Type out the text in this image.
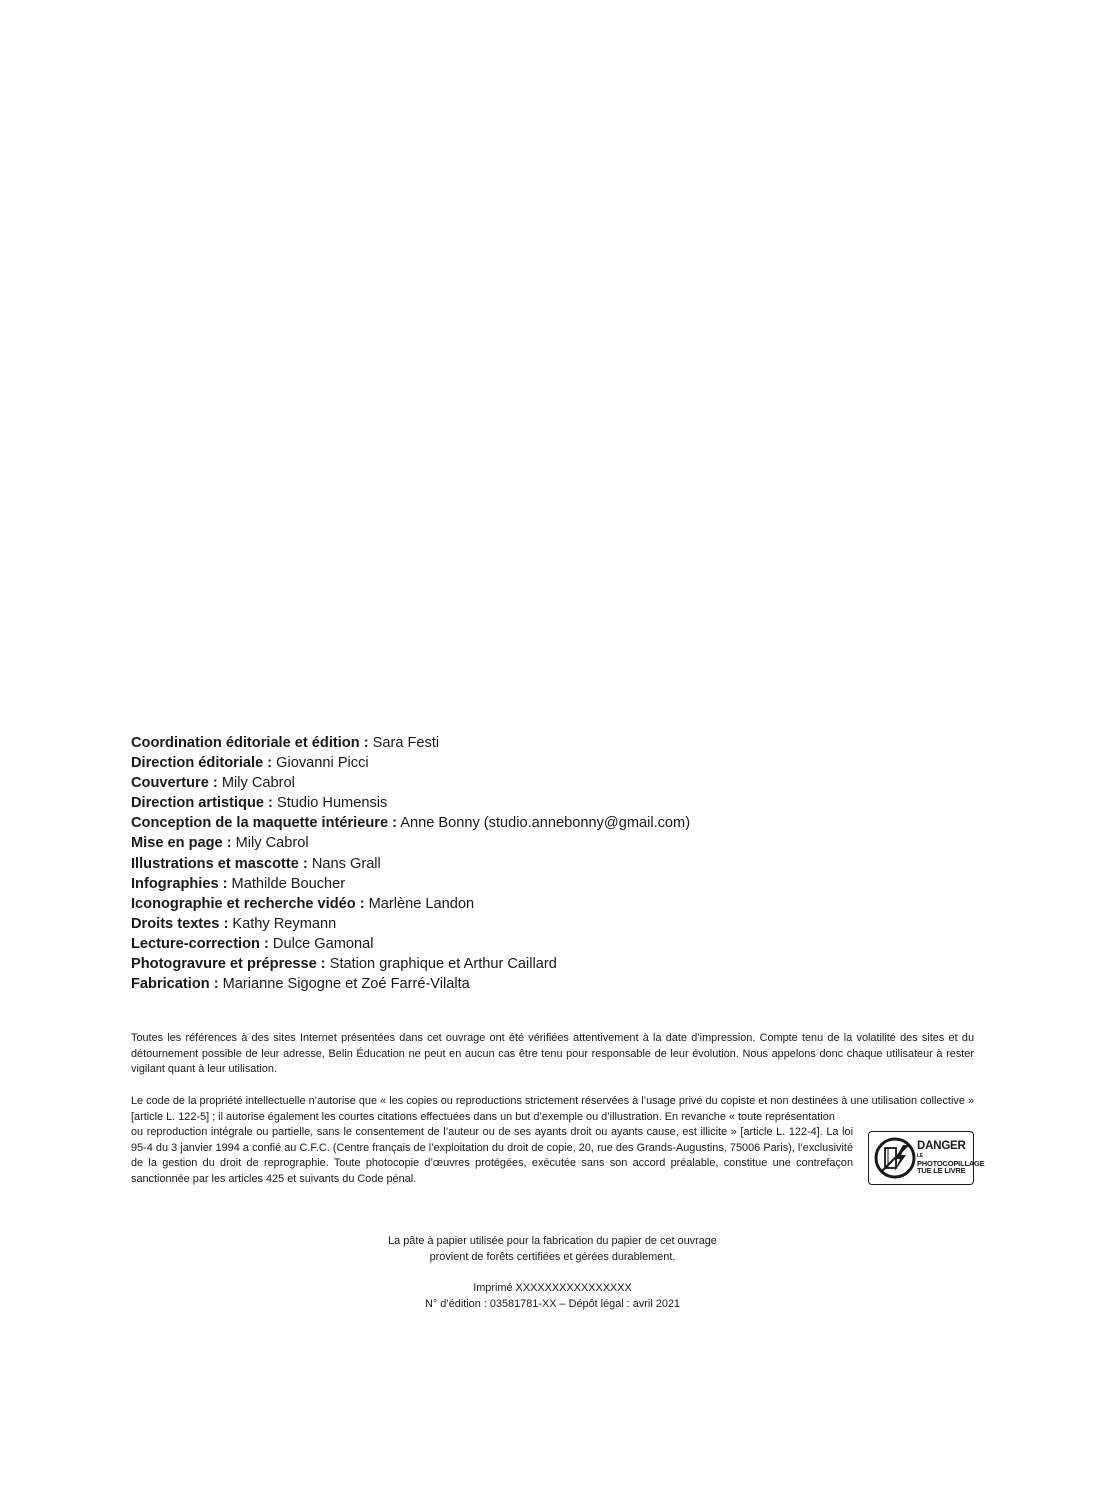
Coordination éditoriale et édition : Sara Festi
Direction éditoriale : Giovanni Picci
Couverture : Mily Cabrol
Direction artistique : Studio Humensis
Conception de la maquette intérieure : Anne Bonny (studio.annebonny@gmail.com)
Mise en page : Mily Cabrol
Illustrations et mascotte : Nans Grall
Infographies : Mathilde Boucher
Iconographie et recherche vidéo : Marlène Landon
Droits textes : Kathy Reymann
Lecture-correction : Dulce Gamonal
Photogravure et prépresse : Station graphique et Arthur Caillard
Fabrication : Marianne Sigogne et Zoé Farré-Vilalta
Toutes les références à des sites Internet présentées dans cet ouvrage ont été vérifiées attentivement à la date d’impression. Compte tenu de la volatilité des sites et du détournement possible de leur adresse, Belin Éducation ne peut en aucun cas être tenu pour responsable de leur évolution. Nous appelons donc chaque utilisateur à rester vigilant quant à leur utilisation.
Le code de la propriété intellectuelle n’autorise que « les copies ou reproductions strictement réservées à l’usage privé du copiste et non destinées à une utilisation collective » [article L. 122-5] ; il autorise également les courtes citations effectuées dans un but d’exemple ou d’illustration. En revanche « toute représentation
ou reproduction intégrale ou partielle, sans le consentement de l’auteur ou de ses ayants droit ou ayants cause, est illicite » [article L. 122-4]. La loi 95-4 du 3 janvier 1994 a confié au C.F.C. (Centre français de l’exploitation du droit de copie, 20, rue des Grands-Augustins, 75006 Paris), l’exclusivité de la gestion du droit de reprographie. Toute photocopie d’œuvres protégées, exécutée sans son accord préalable, constitue une contrefaçon sanctionnée par les articles 425 et suivants du Code pénal.
DANGER
LE
PHOTOCOPILLAGE
TUE LE LIVRE
La pâte à papier utilisée pour la fabrication du papier de cet ouvrage
provient de forêts certifiées et gérées durablement.
Imprimé XXXXXXXXXXXXXXXX
N° d’édition : 03581781-XX – Dépôt légal : avril 2021
